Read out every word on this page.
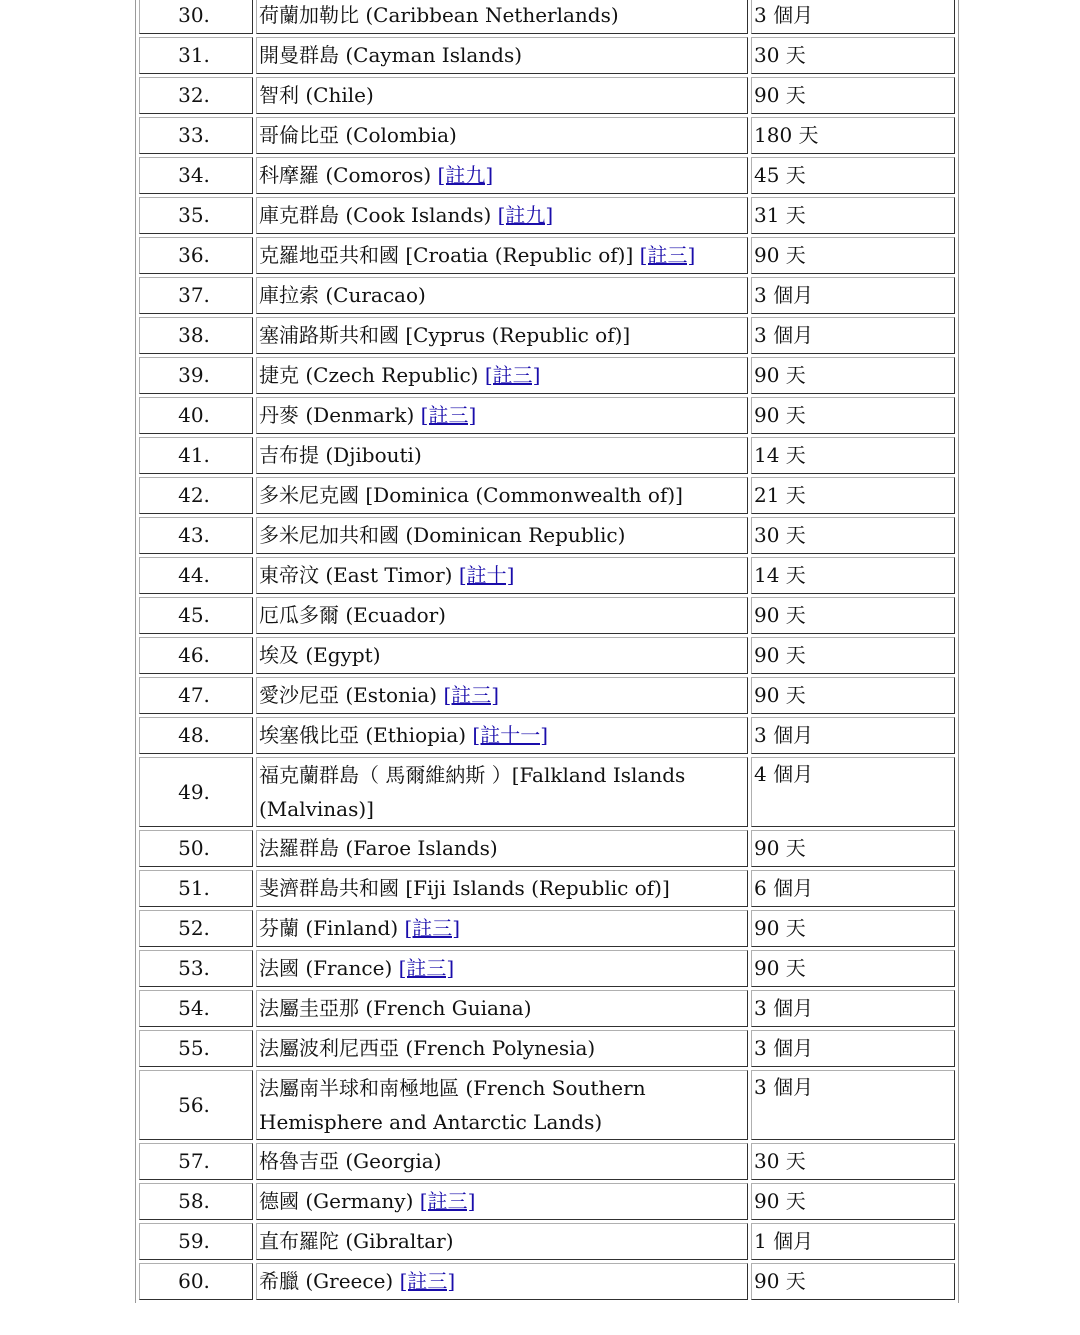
30.	荷蘭加勒比 (Caribbean Netherlands)	3 個月
31.	開曼群島 (Cayman Islands)	30 天
32.	智利 (Chile)	90 天
33.	哥倫比亞 (Colombia)	180 天
34.	科摩羅 (Comoros) [註九]	45 天
35.	庫克群島 (Cook Islands) [註九]	31 天
36.	克羅地亞共和國 [Croatia (Republic of)] [註三]	90 天
37.	庫拉索 (Curacao)	3 個月
38.	塞浦路斯共和國 [Cyprus (Republic of)]	3 個月
39.	捷克 (Czech Republic) [註三]	90 天
40.	丹麥 (Denmark) [註三]	90 天
41.	吉布提 (Djibouti)	14 天
42.	多米尼克國 [Dominica (Commonwealth of)]	21 天
43.	多米尼加共和國 (Dominican Republic)	30 天
44.	東帝汶 (East Timor) [註十]	14 天
45.	厄瓜多爾 (Ecuador)	90 天
46.	埃及 (Egypt)	90 天
47.	愛沙尼亞 (Estonia) [註三]	90 天
48.	埃塞俄比亞 (Ethiopia) [註十一]	3 個月
49.	福克蘭群島（ 馬爾維納斯 ）[Falkland Islands (Malvinas)]	4 個月
50.	法羅群島 (Faroe Islands)	90 天
51.	斐濟群島共和國 [Fiji Islands (Republic of)]	6 個月
52.	芬蘭 (Finland) [註三]	90 天
53.	法國 (France) [註三]	90 天
54.	法屬圭亞那 (French Guiana)	3 個月
55.	法屬波利尼西亞 (French Polynesia)	3 個月
56.	法屬南半球和南極地區 (French Southern Hemisphere and Antarctic Lands)	3 個月
57.	格魯吉亞 (Georgia)	30 天
58.	德國 (Germany) [註三]	90 天
59.	直布羅陀 (Gibraltar)	1 個月
60.	希臘 (Greece) [註三]	90 天
